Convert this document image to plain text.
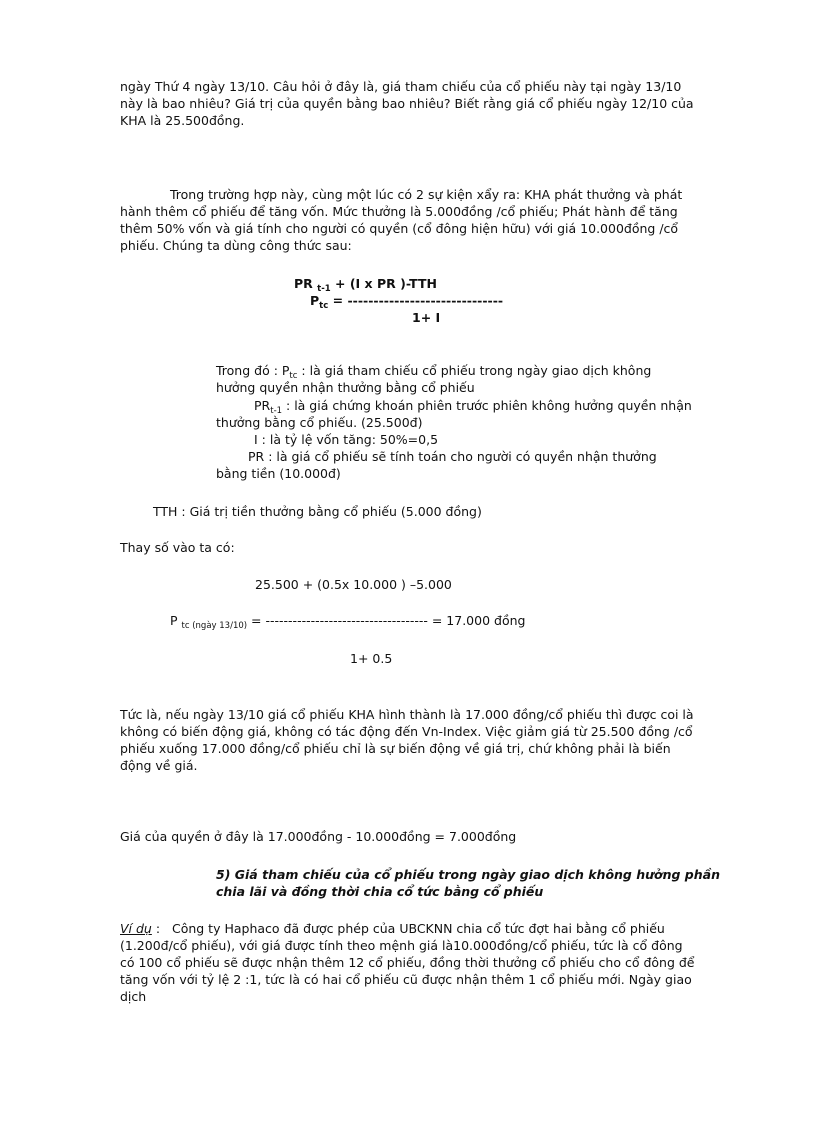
ngày Thứ 4 ngày 13/10. Câu hỏi ở đây là, giá tham chiếu của cổ phiếu này tại ngày 13/10 này là bao nhiêu? Giá trị của quyền bằng bao nhiêu? Biết rằng giá cổ phiếu ngày 12/10 của KHA là 25.500đồng.
Trong trường hợp này, cùng một lúc có 2 sự kiện xẩy ra: KHA phát thưởng và phát hành thêm cổ phiếu để tăng vốn. Mức thưởng là 5.000đồng /cổ phiếu; Phát hành để tăng thêm 50% vốn và giá tính cho người có quyền (cổ đông hiện hữu) với giá 10.000đồng /cổ phiếu. Chúng ta dùng công thức sau:
PR $_{t-1}$ + (I x PR )-TTH
$P_{tc}$ = ------------------------------
1+ I
Trong đó : $P_{tc}$ : là giá tham chiếu cổ phiếu trong ngày giao dịch không
hưởng quyền nhận thưởng bằng cổ phiếu
$PR_{t-1}$ : là giá chứng khoán phiên trước phiên không hưởng quyền nhận
thưởng bằng cổ phiếu. (25.500đ)
I : là tỷ lệ vốn tăng: 50%=0,5
PR : là giá cổ phiếu sẽ tính toán cho người có quyền nhận thưởng
bằng tiền (10.000đ)
TTH : Giá trị tiền thưởng bằng cổ phiếu (5.000 đồng)
Thay số vào ta có:
25.500 + (0.5x 10.000 ) –5.000
P $_{tc (ngày 13/10)}$ = ------------------------------------ = 17.000 đồng
1+ 0.5
Tức là, nếu ngày 13/10 giá cổ phiếu KHA hình thành là 17.000 đồng/cổ phiếu thì được coi là không có biến động giá, không có tác động đến Vn-Index. Việc giảm giá từ 25.500 đồng /cổ phiếu xuống 17.000 đồng/cổ phiếu chỉ là sự biến động về giá trị, chứ không phải là biến động về giá.
Giá của quyền ở đây là 17.000đồng - 10.000đồng = 7.000đồng
5) Giá tham chiếu của cổ phiếu trong ngày giao dịch không hưởng phần
chia lãi và đồng thời chia cổ tức bằng cổ phiếu
Ví dụ : Công ty Haphaco đã được phép của UBCKNN chia cổ tức đợt hai bằng cổ phiếu (1.200đ/cổ phiếu), với giá được tính theo mệnh giá là10.000đồng/cổ phiếu, tức là cổ đông có 100 cổ phiếu sẽ được nhận thêm 12 cổ phiếu, đồng thời thưởng cổ phiếu cho cổ đông để tăng vốn với tỷ lệ 2 :1, tức là có hai cổ phiếu cũ được nhận thêm 1 cổ phiếu mới. Ngày giao dịch
